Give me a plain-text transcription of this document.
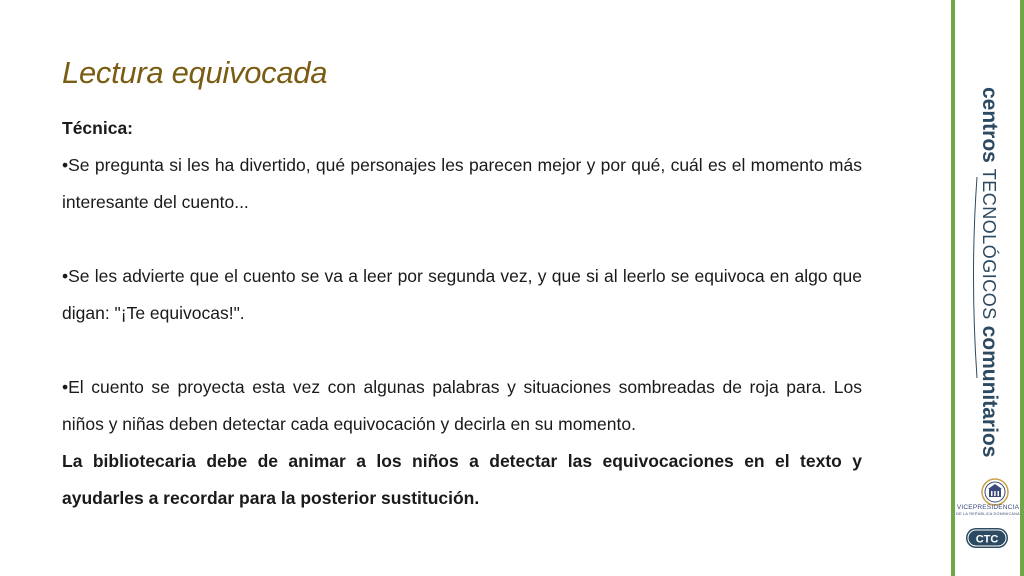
Lectura equivocada

Técnica:

•Se pregunta si les ha divertido, qué personajes les parecen mejor y por qué, cuál es el momento más interesante del cuento...

•Se les advierte que el cuento se va a leer por segunda vez, y que si al leerlo se equivoca en algo que digan: "¡Te equivocas!".

•El cuento se proyecta esta vez con algunas palabras y situaciones sombreadas de roja para. Los niños y niñas deben detectar cada equivocación y decirla en su momento.

La bibliotecaria debe de animar a los niños a detectar las equivocaciones en el texto y ayudarles a recordar para la posterior sustitución.

centros TECNOLÓGICOS comunitarios
VICEPRESIDENCIA
DE LA REPÚBLICA DOMINICANA
CTC
